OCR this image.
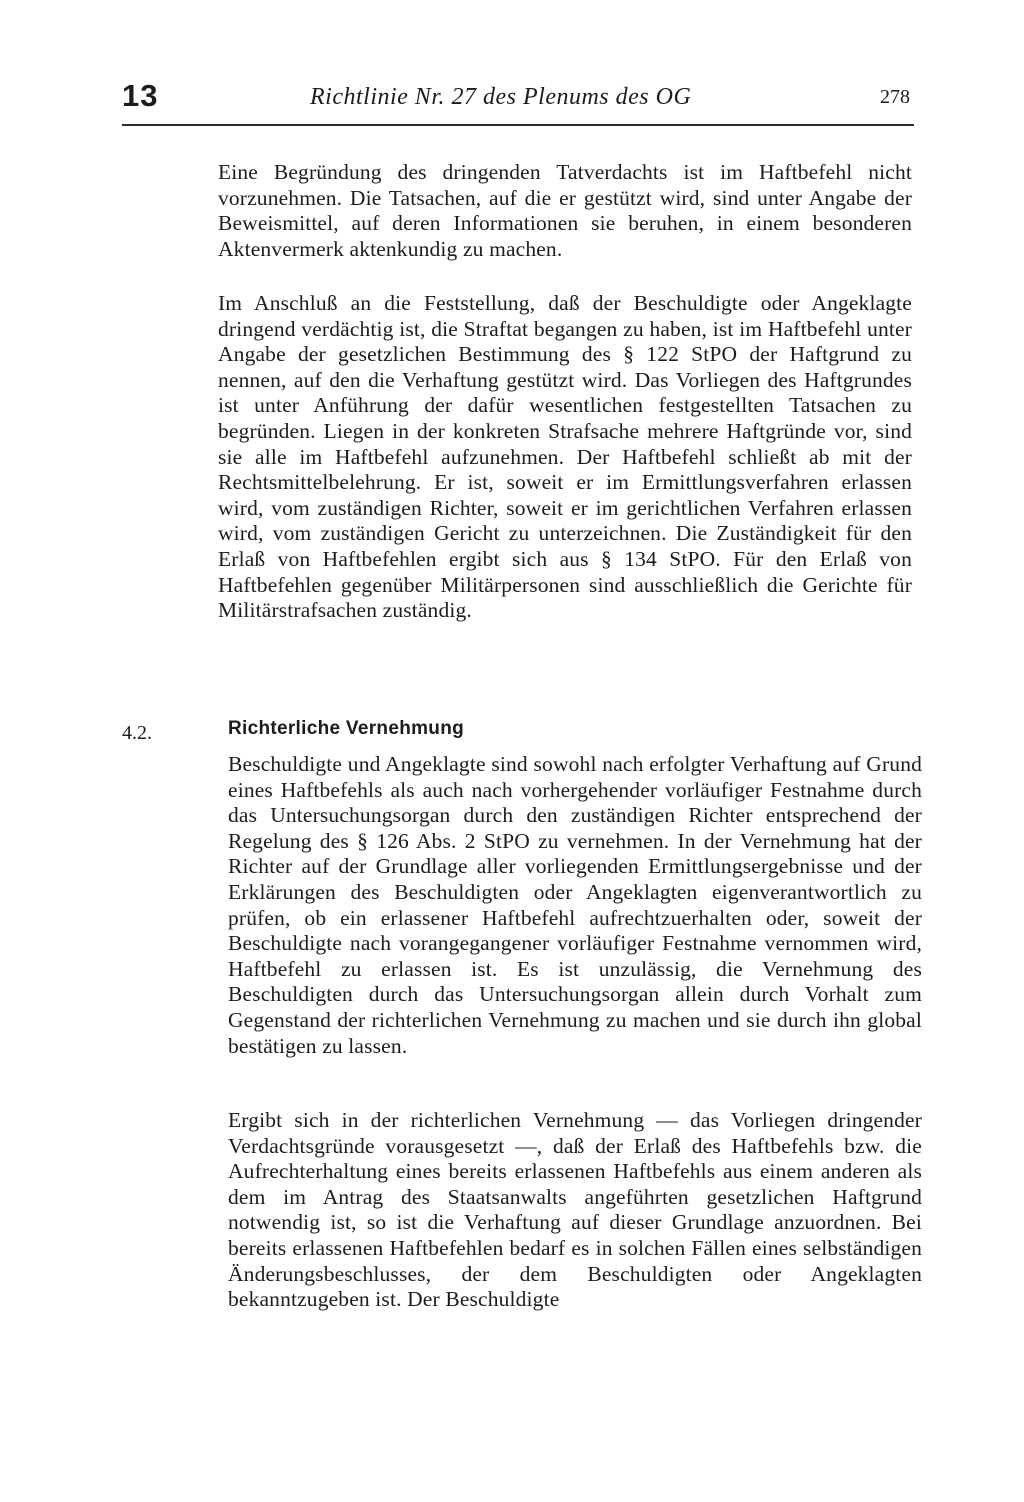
13	Richtlinie Nr. 27 des Plenums des OG	278

Eine Begründung des dringenden Tatverdachts ist im Haftbefehl nicht vorzunehmen. Die Tatsachen, auf die er gestützt wird, sind unter Angabe der Beweismittel, auf deren Informationen sie beruhen, in einem besonderen Aktenvermerk aktenkundig zu machen.

Im Anschluß an die Feststellung, daß der Beschuldigte oder Angeklagte dringend verdächtig ist, die Straftat begangen zu haben, ist im Haftbefehl unter Angabe der gesetzlichen Bestimmung des § 122 StPO der Haftgrund zu nennen, auf den die Verhaftung gestützt wird. Das Vorliegen des Haftgrundes ist unter Anführung der dafür wesentlichen festgestellten Tatsachen zu begründen. Liegen in der konkreten Strafsache mehrere Haftgründe vor, sind sie alle im Haftbefehl aufzunehmen. Der Haftbefehl schließt ab mit der Rechtsmittelbelehrung. Er ist, soweit er im Ermittlungsverfahren erlassen wird, vom zuständigen Richter, soweit er im gerichtlichen Verfahren erlassen wird, vom zuständigen Gericht zu unterzeichnen. Die Zuständigkeit für den Erlaß von Haftbefehlen ergibt sich aus § 134 StPO. Für den Erlaß von Haftbefehlen gegenüber Militärpersonen sind ausschließlich die Gerichte für Militärstrafsachen zuständig.

4.2.	Richterliche Vernehmung

Beschuldigte und Angeklagte sind sowohl nach erfolgter Verhaftung auf Grund eines Haftbefehls als auch nach vorhergehender vorläufiger Festnahme durch das Untersuchungsorgan durch den zuständigen Richter entsprechend der Regelung des § 126 Abs. 2 StPO zu vernehmen. In der Vernehmung hat der Richter auf der Grundlage aller vorliegenden Ermittlungsergebnisse und der Erklärungen des Beschuldigten oder Angeklagten eigenverantwortlich zu prüfen, ob ein erlassener Haftbefehl aufrechtzuerhalten oder, soweit der Beschuldigte nach vorangegangener vorläufiger Festnahme vernommen wird, Haftbefehl zu erlassen ist. Es ist unzulässig, die Vernehmung des Beschuldigten durch das Untersuchungsorgan allein durch Vorhalt zum Gegenstand der richterlichen Vernehmung zu machen und sie durch ihn global bestätigen zu lassen.

Ergibt sich in der richterlichen Vernehmung — das Vorliegen dringender Verdachtsgründe vorausgesetzt —, daß der Erlaß des Haftbefehls bzw. die Aufrechterhaltung eines bereits erlassenen Haftbefehls aus einem anderen als dem im Antrag des Staatsanwalts angeführten gesetzlichen Haftgrund notwendig ist, so ist die Verhaftung auf dieser Grundlage anzuordnen. Bei bereits erlassenen Haftbefehlen bedarf es in solchen Fällen eines selbständigen Änderungsbeschlusses, der dem Beschuldigten oder Angeklagten bekanntzugeben ist. Der Beschuldigte
